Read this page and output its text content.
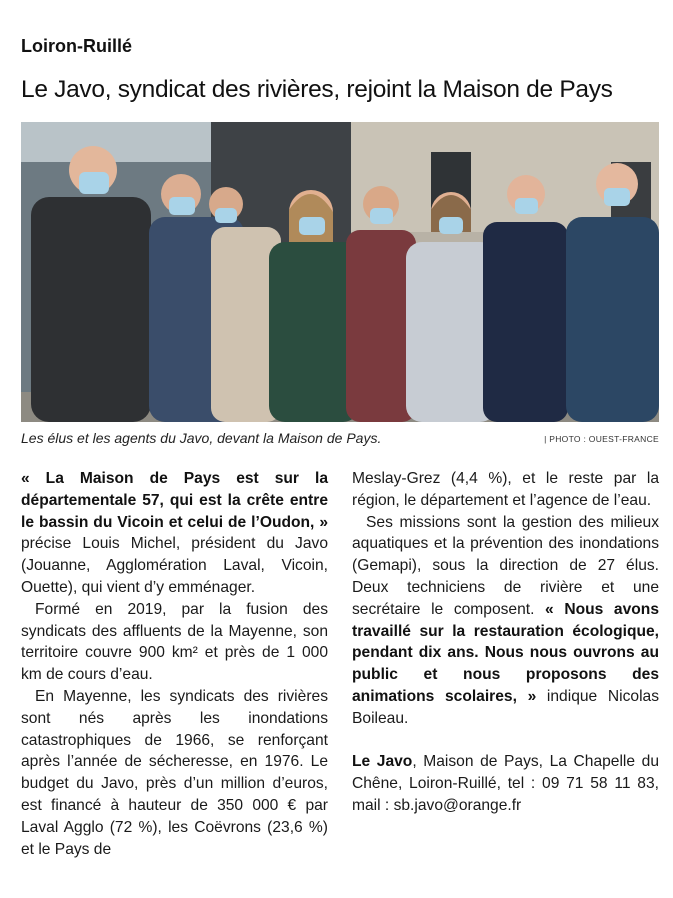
Loiron-Ruillé
Le Javo, syndicat des rivières, rejoint la Maison de Pays
Les élus et les agents du Javo, devant la Maison de Pays.	| PHOTO : OUEST-FRANCE

« La Maison de Pays est sur la départementale 57, qui est la crête entre le bassin du Vicoin et celui de l’Oudon, » précise Louis Michel, président du Javo (Jouanne, Agglomération Laval, Vicoin, Ouette), qui vient d’y emménager.

Formé en 2019, par la fusion des syndicats des affluents de la Mayenne, son territoire couvre 900 km² et près de 1 000 km de cours d’eau.

En Mayenne, les syndicats des rivières sont nés après les inondations catastrophiques de 1966, se renforçant après l’année de sécheresse, en 1976. Le budget du Javo, près d’un million d’euros, est financé à hauteur de 350 000 € par Laval Agglo (72 %), les Coëvrons (23,6 %) et le Pays de

Meslay-Grez (4,4 %), et le reste par la région, le département et l’agence de l’eau.

Ses missions sont la gestion des milieux aquatiques et la prévention des inondations (Gemapi), sous la direction de 27 élus. Deux techniciens de rivière et une secrétaire le composent. « Nous avons travaillé sur la restauration écologique, pendant dix ans. Nous nous ouvrons au public et nous proposons des animations scolaires, » indique Nicolas Boileau.

Le Javo, Maison de Pays, La Chapelle du Chêne, Loiron-Ruillé, tel : 09 71 58 11 83, mail : sb.javo@orange.fr
